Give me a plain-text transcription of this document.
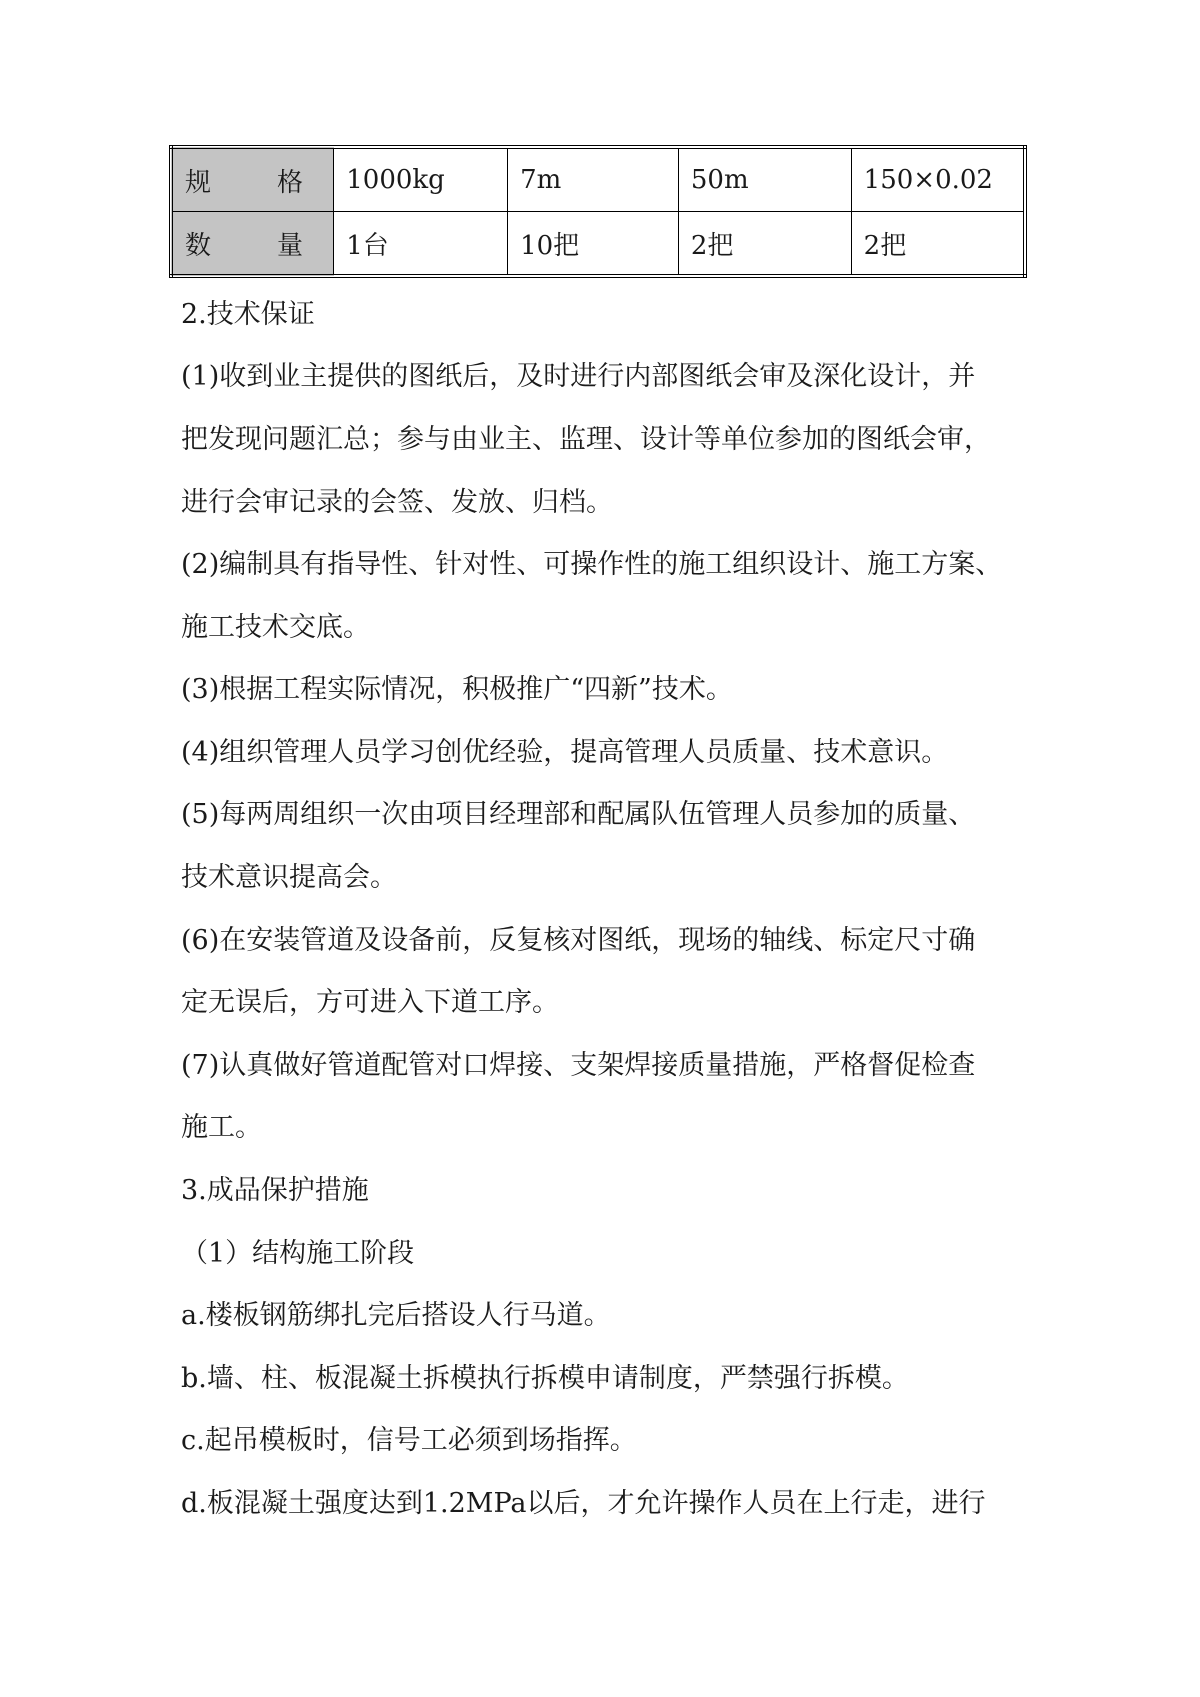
规 格	1000kg	7m	50m	150×0.02

数 量	1台	10把	2把	2把

2.技术保证

(1)收到业主提供的图纸后，及时进行内部图纸会审及深化设计，并

把发现问题汇总；参与由业主、监理、设计等单位参加的图纸会审，

进行会审记录的会签、发放、归档。

(2)编制具有指导性、针对性、可操作性的施工组织设计、施工方案、

施工技术交底。

(3)根据工程实际情况，积极推广“四新”技术。

(4)组织管理人员学习创优经验，提高管理人员质量、技术意识。

(5)每两周组织一次由项目经理部和配属队伍管理人员参加的质量、

技术意识提高会。

(6)在安装管道及设备前，反复核对图纸，现场的轴线、标定尺寸确

定无误后，方可进入下道工序。

(7)认真做好管道配管对口焊接、支架焊接质量措施，严格督促检查

施工。

3.成品保护措施

（1）结构施工阶段

a.楼板钢筋绑扎完后搭设人行马道。

b.墙、柱、板混凝土拆模执行拆模申请制度，严禁强行拆模。

c.起吊模板时，信号工必须到场指挥。

d.板混凝土强度达到1.2MPa以后，才允许操作人员在上行走，进行
